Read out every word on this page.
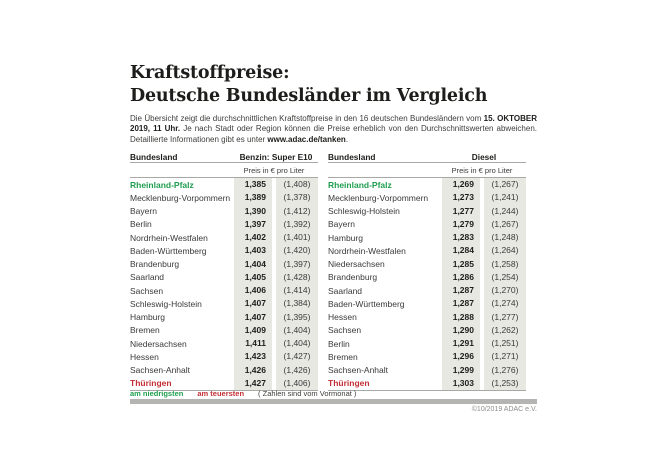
Kraftstoffpreise:
Deutsche Bundesländer im Vergleich

Die Übersicht zeigt die durchschnittlichen Kraftstoffpreise in den 16 deutschen Bundesländern vom 15. OKTOBER 2019, 11 Uhr. Je nach Stadt oder Region können die Preise erheblich von den Durchschnittswerten abweichen. Detaillierte Informationen gibt es unter www.adac.de/tanken.

Bundesland	Benzin: Super E10
Preis in € pro Liter
Rheinland-Pfalz	1,385	(1,408)
Mecklenburg-Vorpommern	1,389	(1,378)
Bayern	1,390	(1,412)
Berlin	1,397	(1,392)
Nordrhein-Westfalen	1,402	(1,401)
Baden-Württemberg	1,403	(1,420)
Brandenburg	1,404	(1,397)
Saarland	1,405	(1,428)
Sachsen	1,406	(1,414)
Schleswig-Holstein	1,407	(1,384)
Hamburg	1,407	(1,395)
Bremen	1,409	(1,404)
Niedersachsen	1,411	(1,404)
Hessen	1,423	(1,427)
Sachsen-Anhalt	1,426	(1,426)
Thüringen	1,427	(1,406)
Bundesland	Diesel
Preis in € pro Liter
Rheinland-Pfalz	1,269	(1,267)
Mecklenburg-Vorpommern	1,273	(1,241)
Schleswig-Holstein	1,277	(1,244)
Bayern	1,279	(1,267)
Hamburg	1,283	(1,248)
Nordrhein-Westfalen	1,284	(1,264)
Niedersachsen	1,285	(1,258)
Brandenburg	1,286	(1,254)
Saarland	1,287	(1,270)
Baden-Württemberg	1,287	(1,274)
Hessen	1,288	(1,277)
Sachsen	1,290	(1,262)
Berlin	1,291	(1,251)
Bremen	1,296	(1,271)
Sachsen-Anhalt	1,299	(1,276)
Thüringen	1,303	(1,253)
am niedrigsten am teuersten ( Zahlen sind vom Vormonat )
©10/2019 ADAC e.V.
